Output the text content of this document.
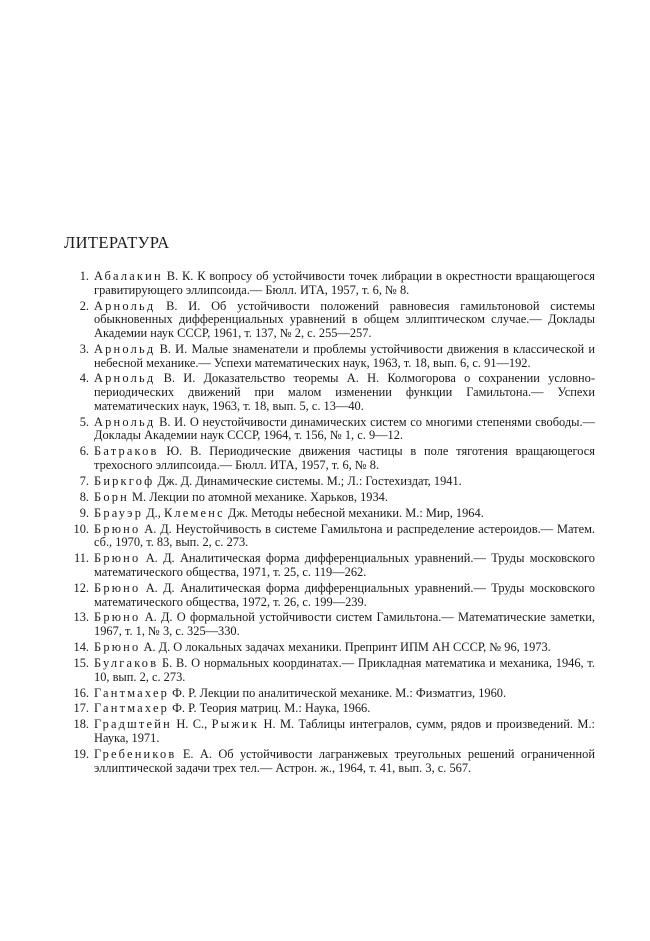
ЛИТЕРАТУРА
1. Абалакин В. К. К вопросу об устойчивости точек либрации в окрестности вращающегося гравитирующего эллипсоида.— Бюлл. ИТА, 1957, т. 6, № 8.
2. Арнольд В. И. Об устойчивости положений равновесия гамильтоновой системы обыкновенных дифференциальных уравнений в общем эллиптическом случае.— Доклады Академии наук СССР, 1961, т. 137, № 2, с. 255—257.
3. Арнольд В. И. Малые знаменатели и проблемы устойчивости движения в классической и небесной механике.— Успехи математических наук, 1963, т. 18, вып. 6, с. 91—192.
4. Арнольд В. И. Доказательство теоремы А. Н. Колмогорова о сохранении условно-периодических движений при малом изменении функции Гамильтона.— Успехи математических наук, 1963, т. 18, вып. 5, с. 13—40.
5. Арнольд В. И. О неустойчивости динамических систем со многими степенями свободы.— Доклады Академии наук СССР, 1964, т. 156, № 1, с. 9—12.
6. Батраков Ю. В. Периодические движения частицы в поле тяготения вращающегося трехосного эллипсоида.— Бюлл. ИТА, 1957, т. 6, № 8.
7. Биркгоф Дж. Д. Динамические системы. М.; Л.: Гостехиздат, 1941.
8. Борн М. Лекции по атомной механике. Харьков, 1934.
9. Брауэр Д., Клеменс Дж. Методы небесной механики. М.: Мир, 1964.
10. Брюно А. Д. Неустойчивость в системе Гамильтона и распределение астероидов.— Матем. сб., 1970, т. 83, вып. 2, с. 273.
11. Брюно А. Д. Аналитическая форма дифференциальных уравнений.— Труды московского математического общества, 1971, т. 25, с. 119—262.
12. Брюно А. Д. Аналитическая форма дифференциальных уравнений.— Труды московского математического общества, 1972, т. 26, с. 199—239.
13. Брюно А. Д. О формальной устойчивости систем Гамильтона.— Математические заметки, 1967, т. 1, № 3, с. 325—330.
14. Брюно А. Д. О локальных задачах механики. Препринт ИПМ АН СССР, № 96, 1973.
15. Булгаков Б. В. О нормальных координатах.— Прикладная математика и механика, 1946, т. 10, вып. 2, с. 273.
16. Гантмахер Ф. Р. Лекции по аналитической механике. М.: Физматгиз, 1960.
17. Гантмахер Ф. Р. Теория матриц. М.: Наука, 1966.
18. Градштейн Н. С., Рыжик Н. М. Таблицы интегралов, сумм, рядов и произведений. М.: Наука, 1971.
19. Гребеников Е. А. Об устойчивости лагранжевых треугольных решений ограниченной эллиптической задачи трех тел.— Астрон. ж., 1964, т. 41, вып. 3, с. 567.
